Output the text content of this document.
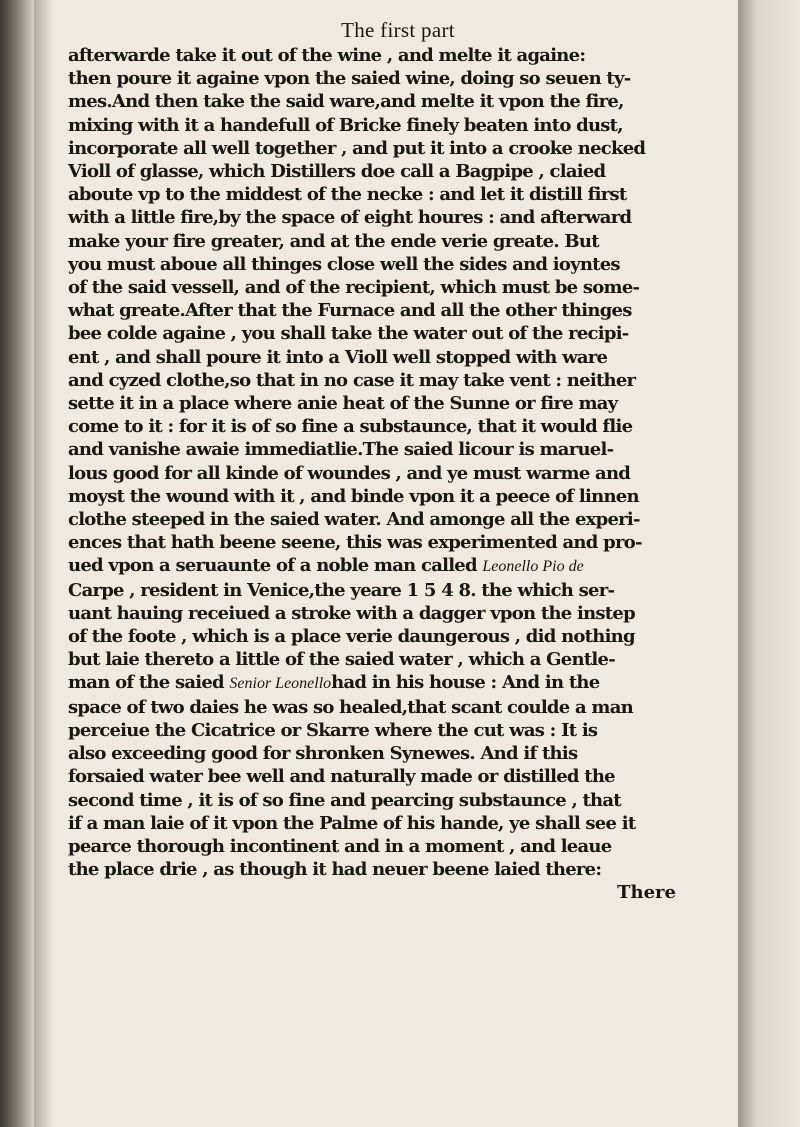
The first part
afterwarde take it out of the wine , and melte it againe:
then poure it againe vpon the saied wine, doing so seuen ty-
mes.And then take the said ware,and melte it vpon the fire,
mixing with it a handefull of Bricke finely beaten into dust,
incorporate all well together , and put it into a crooke necked
Violl of glasse, which Distillers doe call a Bagpipe , claied
aboute vp to the middest of the necke : and let it distill first
with a little fire,by the space of eight houres : and afterward
make your fire greater, and at the ende verie greate. But
you must aboue all thinges close well the sides and ioyntes
of the said vessell, and of the recipient, which must be some-
what greate.After that the Furnace and all the other thinges
bee colde againe , you shall take the water out of the recipi-
ent , and shall poure it into a Violl well stopped with ware
and cyzed clothe,so that in no case it may take vent : neither
sette it in a place where anie heat of the Sunne or fire may
come to it : for it is of so fine a substaunce, that it would flie
and vanishe awaie immediatlie.The saied licour is maruel-
lous good for all kinde of woundes , and ye must warme and
moyst the wound with it , and binde vpon it a peece of linnen
clothe steeped in the saied water. And amonge all the experi-
ences that hath beene seene, this was experimented and pro-
ued vpon a seruaunte of a noble man called Leonello Pio de
Carpe , resident in Venice,the yeare 1 5 4 8. the which ser-
uant hauing receiued a stroke with a dagger vpon the instep
of the foote , which is a place verie daungerous , did nothing
but laie thereto a little of the saied water , which a Gentle-
man of the saied Senior Leonellohad in his house : And in the
space of two daies he was so healed,that scant coulde a man
perceiue the Cicatrice or Skarre where the cut was : It is
also exceeding good for shronken Synewes. And if this
forsaied water bee well and naturally made or distilled the
second time , it is of so fine and pearcing substaunce , that
if a man laie of it vpon the Palme of his hande, ye shall see it
pearce thorough incontinent and in a moment , and leaue
the place drie , as though it had neuer beene laied there:
There
